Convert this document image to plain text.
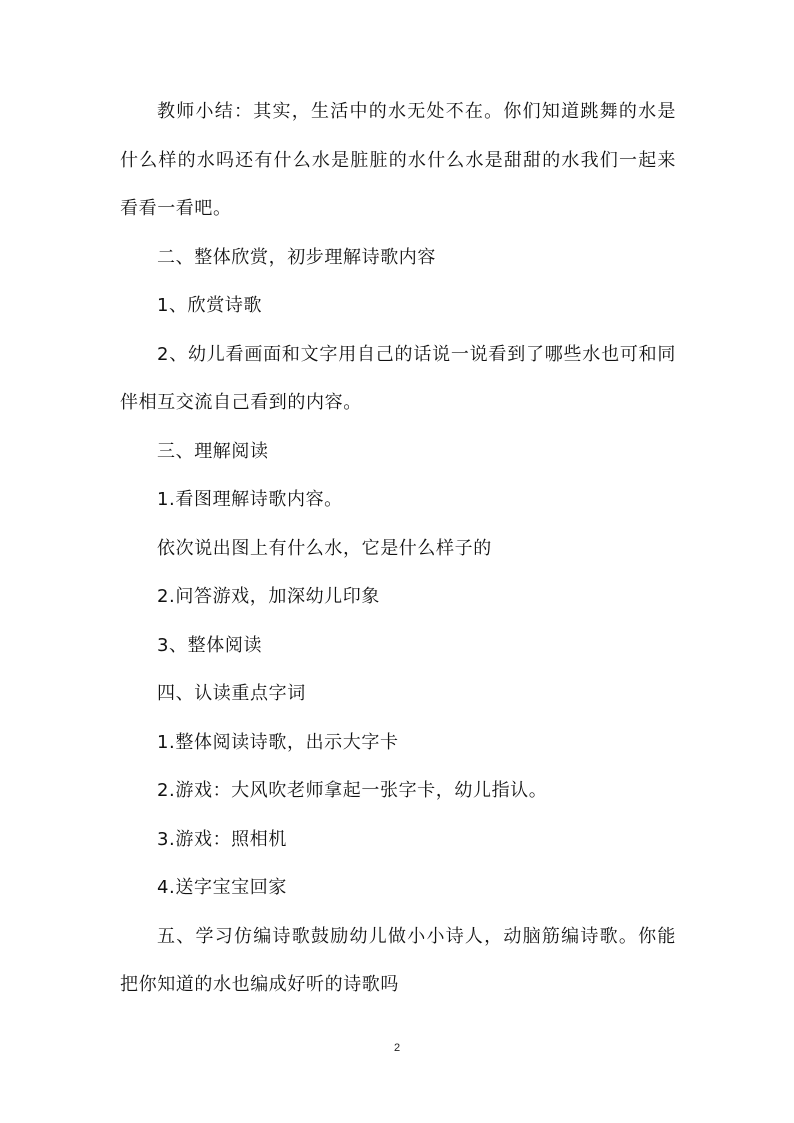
教师小结：其实，生活中的水无处不在。你们知道跳舞的水是什么样的水吗还有什么水是脏脏的水什么水是甜甜的水我们一起来看看一看吧。

二、整体欣赏，初步理解诗歌内容

1、欣赏诗歌

2、幼儿看画面和文字用自己的话说一说看到了哪些水也可和同伴相互交流自己看到的内容。

三、理解阅读

1.看图理解诗歌内容。

依次说出图上有什么水，它是什么样子的

2.问答游戏，加深幼儿印象

3、整体阅读

四、认读重点字词

1.整体阅读诗歌，出示大字卡

2.游戏：大风吹老师拿起一张字卡，幼儿指认。

3.游戏：照相机

4.送字宝宝回家

五、学习仿编诗歌鼓励幼儿做小小诗人，动脑筋编诗歌。你能把你知道的水也编成好听的诗歌吗

2
